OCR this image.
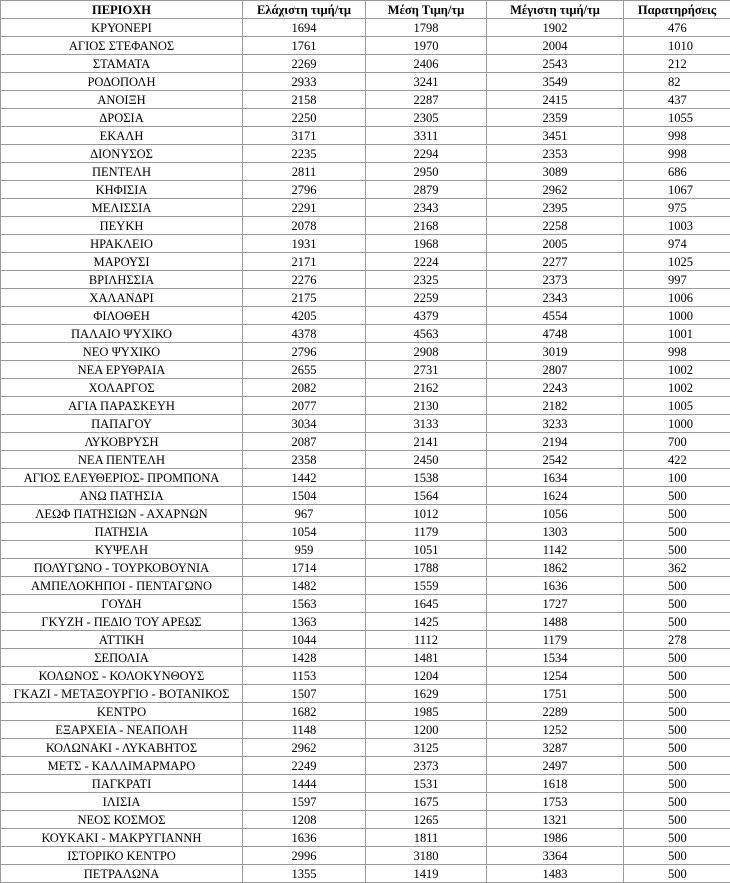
ΠΕΡΙΟΧΗ	Ελάχιστη τιμή/τμ	Μέση Τιμη/τμ	Μέγιστη τιμή/τμ	Παρατηρήσεις
ΚΡΥΟΝΕΡΙ	1694	1798	1902	476
ΑΓΙΟΣ ΣΤΕΦΑΝΟΣ	1761	1970	2004	1010
ΣΤΑΜΑΤΑ	2269	2406	2543	212
ΡΟΔΟΠΟΛΗ	2933	3241	3549	82
ΑΝΟΙΞΗ	2158	2287	2415	437
ΔΡΟΣΙΑ	2250	2305	2359	1055
ΕΚΑΛΗ	3171	3311	3451	998
ΔΙΟΝΥΣΟΣ	2235	2294	2353	998
ΠΕΝΤΕΛΗ	2811	2950	3089	686
ΚΗΦΙΣΙΑ	2796	2879	2962	1067
ΜΕΛΙΣΣΙΑ	2291	2343	2395	975
ΠΕΥΚΗ	2078	2168	2258	1003
ΗΡΑΚΛΕΙΟ	1931	1968	2005	974
ΜΑΡΟΥΣΙ	2171	2224	2277	1025
ΒΡΙΛΗΣΣΙΑ	2276	2325	2373	997
ΧΑΛΑΝΔΡΙ	2175	2259	2343	1006
ΦΙΛΟΘΕΗ	4205	4379	4554	1000
ΠΑΛΑΙΟ ΨΥΧΙΚΟ	4378	4563	4748	1001
ΝΕΟ ΨΥΧΙΚΟ	2796	2908	3019	998
ΝΕΑ ΕΡΥΘΡΑΙΑ	2655	2731	2807	1002
ΧΟΛΑΡΓΟΣ	2082	2162	2243	1002
ΑΓΙΑ ΠΑΡΑΣΚΕΥΗ	2077	2130	2182	1005
ΠΑΠΑΓΟΥ	3034	3133	3233	1000
ΛΥΚΟΒΡΥΣΗ	2087	2141	2194	700
ΝΕΑ ΠΕΝΤΕΛΗ	2358	2450	2542	422
ΑΓΙΟΣ ΕΛΕΥΘΕΡΙΟΣ- ΠΡΟΜΠΟΝΑ	1442	1538	1634	100
ΑΝΩ ΠΑΤΗΣΙΑ	1504	1564	1624	500
ΛΕΩΦ ΠΑΤΗΣΙΩΝ - ΑΧΑΡΝΩΝ	967	1012	1056	500
ΠΑΤΗΣΙΑ	1054	1179	1303	500
ΚΥΨΕΛΗ	959	1051	1142	500
ΠΟΛΥΓΩΝΟ - ΤΟΥΡΚΟΒΟΥΝΙΑ	1714	1788	1862	362
ΑΜΠΕΛΟΚΗΠΟΙ - ΠΕΝΤΑΓΩΝΟ	1482	1559	1636	500
ΓΟΥΔΗ	1563	1645	1727	500
ΓΚΥΖΗ - ΠΕΔΙΟ ΤΟΥ ΑΡΕΩΣ	1363	1425	1488	500
ΑΤΤΙΚΗ	1044	1112	1179	278
ΣΕΠΟΛΙΑ	1428	1481	1534	500
ΚΟΛΩΝΟΣ - ΚΟΛΟΚΥΝΘΟΥΣ	1153	1204	1254	500
ΓΚΑΖΙ - ΜΕΤΑΞΟΥΡΓΙΟ - ΒΟΤΑΝΙΚΟΣ	1507	1629	1751	500
ΚΕΝΤΡΟ	1682	1985	2289	500
ΕΞΑΡΧΕΙΑ - ΝΕΑΠΟΛΗ	1148	1200	1252	500
ΚΟΛΩΝΑΚΙ - ΛΥΚΑΒΗΤΟΣ	2962	3125	3287	500
ΜΕΤΣ - ΚΑΛΛΙΜΑΡΜΑΡΟ	2249	2373	2497	500
ΠΑΓΚΡΑΤΙ	1444	1531	1618	500
ΙΛΙΣΙΑ	1597	1675	1753	500
ΝΕΟΣ ΚΟΣΜΟΣ	1208	1265	1321	500
ΚΟΥΚΑΚΙ - ΜΑΚΡΥΓΙΑΝΝΗ	1636	1811	1986	500
ΙΣΤΟΡΙΚΟ ΚΕΝΤΡΟ	2996	3180	3364	500
ΠΕΤΡΑΛΩΝΑ	1355	1419	1483	500
